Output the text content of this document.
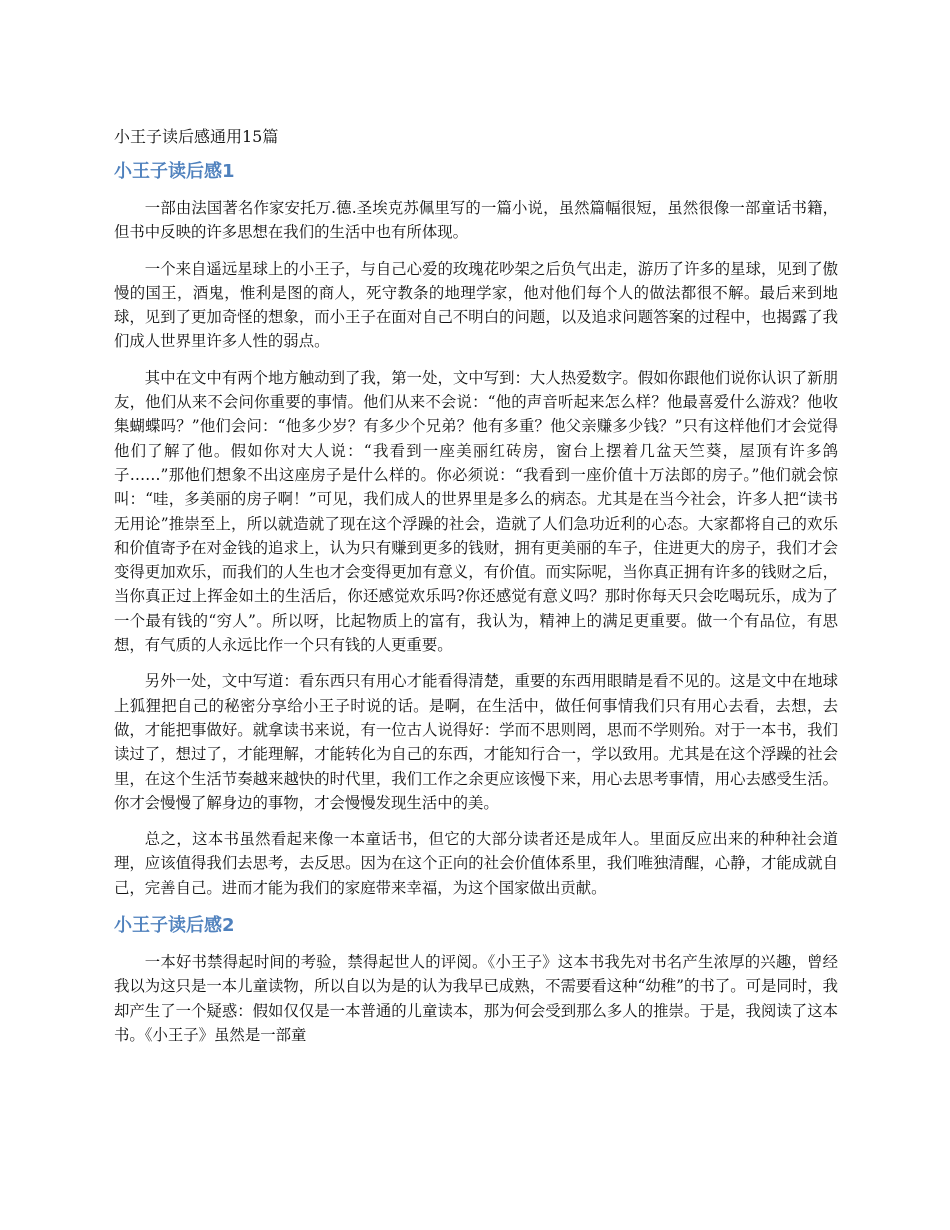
小王子读后感通用15篇
小王子读后感1

一部由法国著名作家安托万.德.圣埃克苏佩里写的一篇小说，虽然篇幅很短，虽然很像一部童话书籍，但书中反映的许多思想在我们的生活中也有所体现。

一个来自遥远星球上的小王子，与自己心爱的玫瑰花吵架之后负气出走，游历了许多的星球，见到了傲慢的国王，酒鬼，惟利是图的商人，死守教条的地理学家，他对他们每个人的做法都很不解。最后来到地球，见到了更加奇怪的想象，而小王子在面对自己不明白的问题，以及追求问题答案的过程中，也揭露了我们成人世界里许多人性的弱点。

其中在文中有两个地方触动到了我，第一处，文中写到：大人热爱数字。假如你跟他们说你认识了新朋友，他们从来不会问你重要的事情。他们从来不会说：“他的声音听起来怎么样？他最喜爱什么游戏？他收集蝴蝶吗？”他们会问：“他多少岁？有多少个兄弟？他有多重？他父亲赚多少钱？”只有这样他们才会觉得他们了解了他。假如你对大人说：“我看到一座美丽红砖房，窗台上摆着几盆天竺葵，屋顶有许多鸽子……”那他们想象不出这座房子是什么样的。你必须说：“我看到一座价值十万法郎的房子。”他们就会惊叫：“哇，多美丽的房子啊！”可见，我们成人的世界里是多么的病态。尤其是在当今社会，许多人把“读书无用论”推崇至上，所以就造就了现在这个浮躁的社会，造就了人们急功近利的心态。大家都将自己的欢乐和价值寄予在对金钱的追求上，认为只有赚到更多的钱财，拥有更美丽的车子，住进更大的房子，我们才会变得更加欢乐，而我们的人生也才会变得更加有意义，有价值。而实际呢，当你真正拥有许多的钱财之后，当你真正过上挥金如土的生活后，你还感觉欢乐吗?你还感觉有意义吗？那时你每天只会吃喝玩乐，成为了一个最有钱的“穷人”。所以呀，比起物质上的富有，我认为，精神上的满足更重要。做一个有品位，有思想，有气质的人永远比作一个只有钱的人更重要。

另外一处，文中写道：看东西只有用心才能看得清楚，重要的东西用眼睛是看不见的。这是文中在地球上狐狸把自己的秘密分享给小王子时说的话。是啊，在生活中，做任何事情我们只有用心去看，去想，去做，才能把事做好。就拿读书来说，有一位古人说得好：学而不思则罔，思而不学则殆。对于一本书，我们读过了，想过了，才能理解，才能转化为自己的东西，才能知行合一，学以致用。尤其是在这个浮躁的社会里，在这个生活节奏越来越快的时代里，我们工作之余更应该慢下来，用心去思考事情，用心去感受生活。你才会慢慢了解身边的事物，才会慢慢发现生活中的美。

总之，这本书虽然看起来像一本童话书，但它的大部分读者还是成年人。里面反应出来的种种社会道理，应该值得我们去思考，去反思。因为在这个正向的社会价值体系里，我们唯独清醒，心静，才能成就自己，完善自己。进而才能为我们的家庭带来幸福，为这个国家做出贡献。

小王子读后感2

一本好书禁得起时间的考验，禁得起世人的评阅。《小王子》这本书我先对书名产生浓厚的兴趣，曾经我以为这只是一本儿童读物，所以自以为是的认为我早已成熟，不需要看这种“幼稚”的书了。可是同时，我却产生了一个疑惑：假如仅仅是一本普通的儿童读本，那为何会受到那么多人的推崇。于是，我阅读了这本书。《小王子》虽然是一部童
